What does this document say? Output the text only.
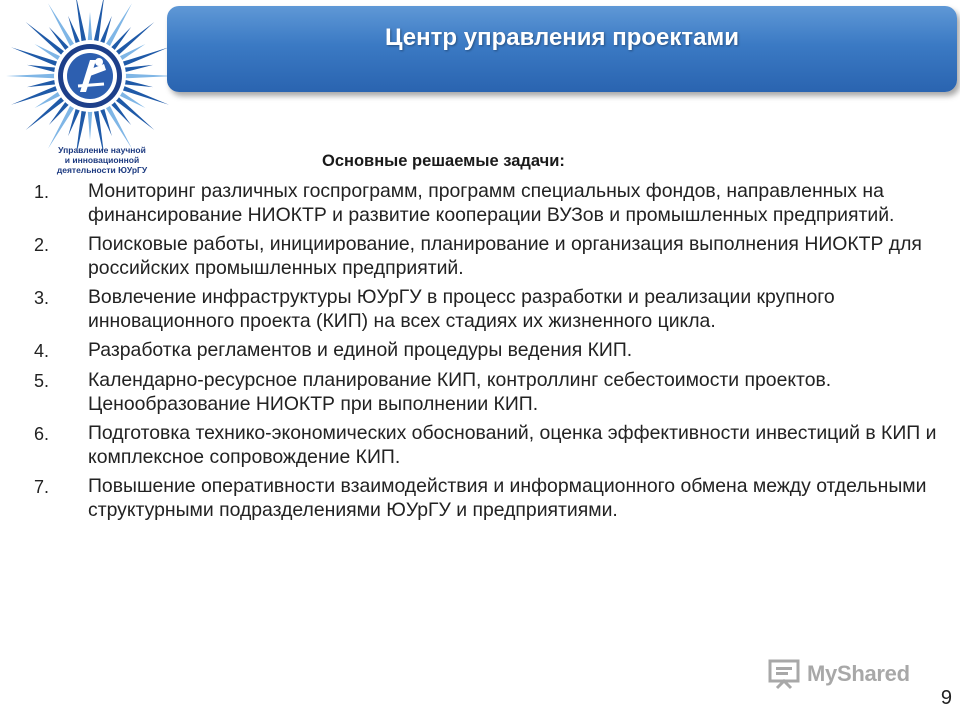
Управление научной
и инновационной
деятельности ЮУрГУ
Центр управления проектами
Основные решаемые задачи:
1.	Мониторинг различных госпрограмм, программ специальных фондов, направленных на финансирование НИОКТР и развитие кооперации ВУЗов и промышленных предприятий.
2.	Поисковые работы, инициирование, планирование и организация выполнения НИОКТР для российских промышленных предприятий.
3.	Вовлечение инфраструктуры ЮУрГУ в процесс разработки и реализации крупного инновационного проекта (КИП) на всех стадиях их жизненного цикла.
4.	Разработка регламентов и единой процедуры ведения КИП.
5.	Календарно-ресурсное планирование КИП, контроллинг себестоимости проектов. Ценообразование НИОКТР при выполнении КИП.
6.	Подготовка технико-экономических обоснований, оценка эффективности инвестиций в КИП и комплексное сопровождение КИП.
7.	Повышение оперативности взаимодействия и информационного обмена между отдельными структурными подразделениями ЮУрГУ и предприятиями.
MyShared
9
